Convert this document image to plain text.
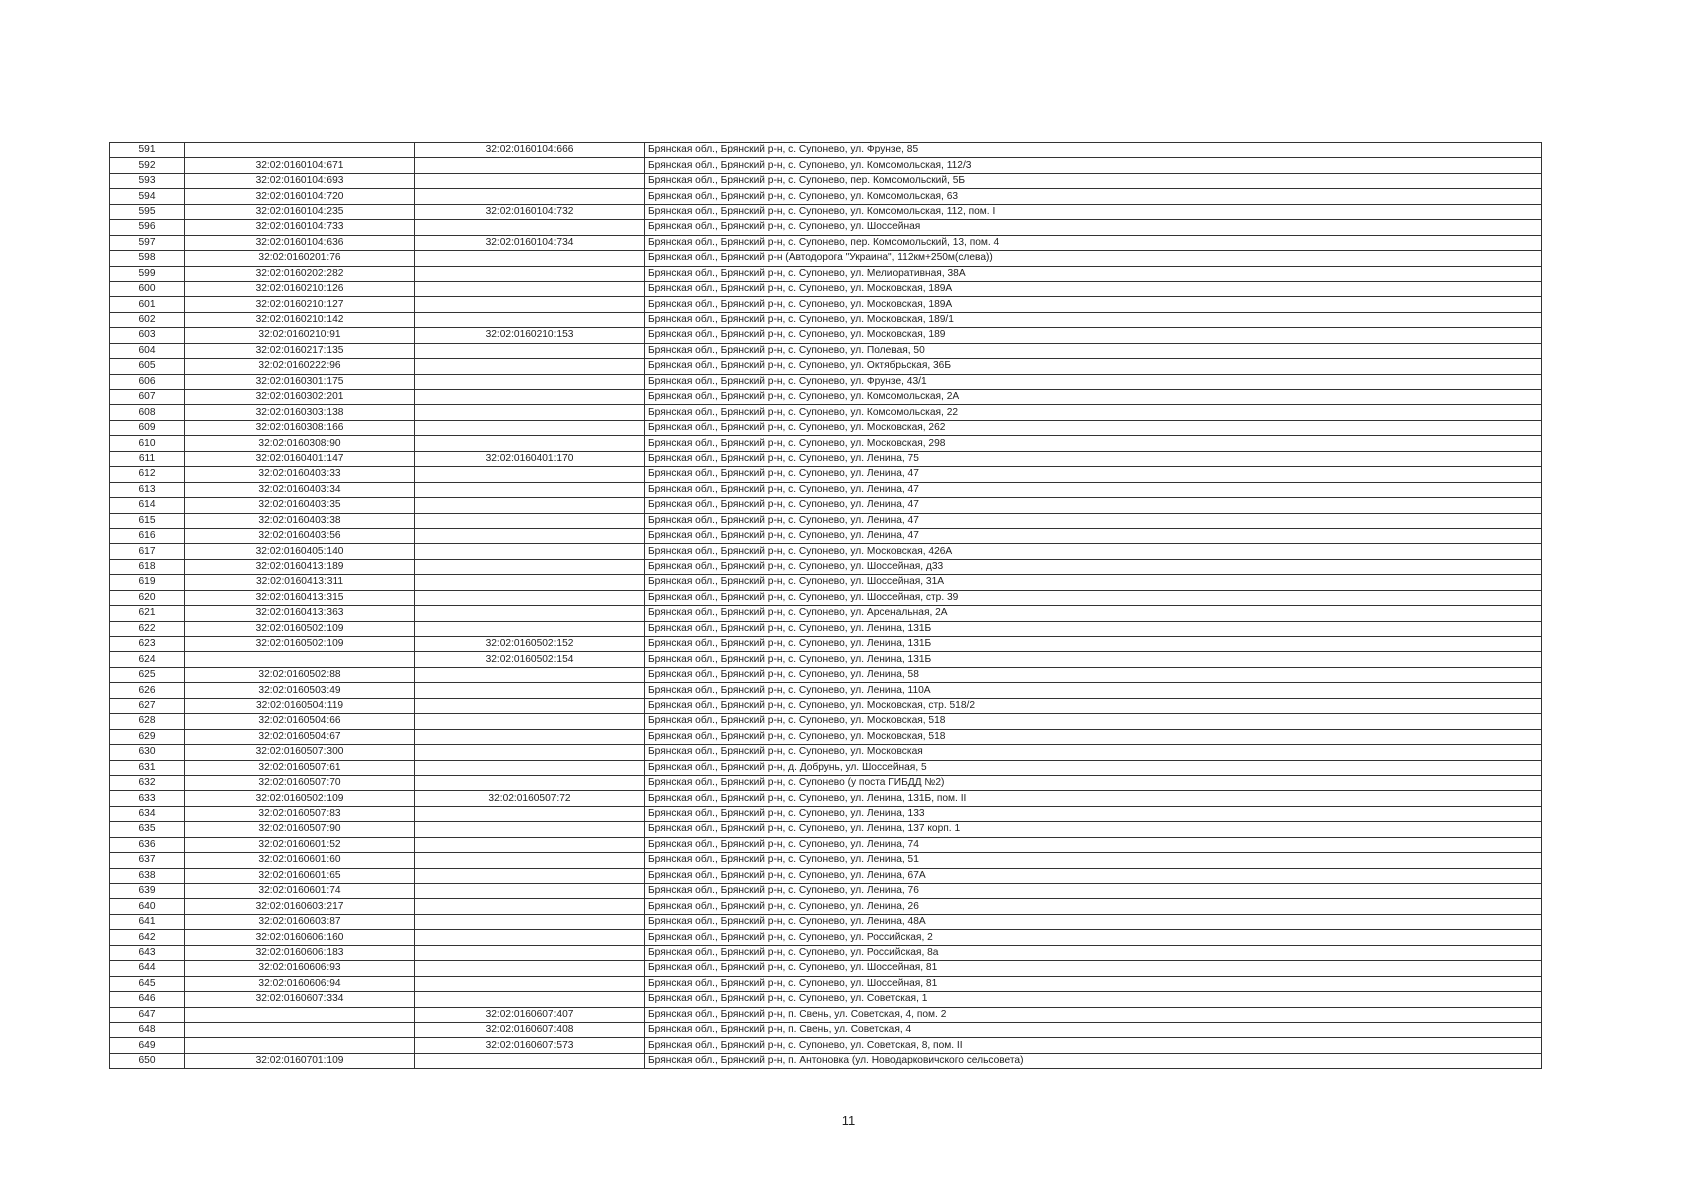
591		32:02:0160104:666	Брянская обл., Брянский р-н, с. Супонево, ул. Фрунзе, 85
592	32:02:0160104:671		Брянская обл., Брянский р-н, с. Супонево, ул. Комсомольская, 112/3
593	32:02:0160104:693		Брянская обл., Брянский р-н, с. Супонево, пер. Комсомольский, 5Б
594	32:02:0160104:720		Брянская обл., Брянский р-н, с. Супонево, ул. Комсомольская, 63
595	32:02:0160104:235	32:02:0160104:732	Брянская обл., Брянский р-н, с. Супонево, ул. Комсомольская, 112, пом. I
596	32:02:0160104:733		Брянская обл., Брянский р-н, с. Супонево, ул. Шоссейная
597	32:02:0160104:636	32:02:0160104:734	Брянская обл., Брянский р-н, с. Супонево, пер. Комсомольский, 13, пом. 4
598	32:02:0160201:76		Брянская обл., Брянский р-н (Автодорога "Украина", 112км+250м(слева))
599	32:02:0160202:282		Брянская обл., Брянский р-н, с. Супонево, ул. Мелиоративная, 38А
600	32:02:0160210:126		Брянская обл., Брянский р-н, с. Супонево, ул. Московская, 189А
601	32:02:0160210:127		Брянская обл., Брянский р-н, с. Супонево, ул. Московская, 189А
602	32:02:0160210:142		Брянская обл., Брянский р-н, с. Супонево, ул. Московская, 189/1
603	32:02:0160210:91	32:02:0160210:153	Брянская обл., Брянский р-н, с. Супонево, ул. Московская, 189
604	32:02:0160217:135		Брянская обл., Брянский р-н, с. Супонево, ул. Полевая, 50
605	32:02:0160222:96		Брянская обл., Брянский р-н, с. Супонево, ул. Октябрьская, 36Б
606	32:02:0160301:175		Брянская обл., Брянский р-н, с. Супонево, ул. Фрунзе, 43/1
607	32:02:0160302:201		Брянская обл., Брянский р-н, с. Супонево, ул. Комсомольская, 2А
608	32:02:0160303:138		Брянская обл., Брянский р-н, с. Супонево, ул. Комсомольская, 22
609	32:02:0160308:166		Брянская обл., Брянский р-н, с. Супонево, ул. Московская, 262
610	32:02:0160308:90		Брянская обл., Брянский р-н, с. Супонево, ул. Московская, 298
611	32:02:0160401:147	32:02:0160401:170	Брянская обл., Брянский р-н, с. Супонево, ул. Ленина, 75
612	32:02:0160403:33		Брянская обл., Брянский р-н, с. Супонево, ул. Ленина, 47
613	32:02:0160403:34		Брянская обл., Брянский р-н, с. Супонево, ул. Ленина, 47
614	32:02:0160403:35		Брянская обл., Брянский р-н, с. Супонево, ул. Ленина, 47
615	32:02:0160403:38		Брянская обл., Брянский р-н, с. Супонево, ул. Ленина, 47
616	32:02:0160403:56		Брянская обл., Брянский р-н, с. Супонево, ул. Ленина, 47
617	32:02:0160405:140		Брянская обл., Брянский р-н, с. Супонево, ул. Московская, 426А
618	32:02:0160413:189		Брянская обл., Брянский р-н, с. Супонево, ул. Шоссейная, д33
619	32:02:0160413:311		Брянская обл., Брянский р-н, с. Супонево, ул. Шоссейная, 31А
620	32:02:0160413:315		Брянская обл., Брянский р-н, с. Супонево, ул. Шоссейная, стр. 39
621	32:02:0160413:363		Брянская обл., Брянский р-н, с. Супонево, ул. Арсенальная, 2А
622	32:02:0160502:109		Брянская обл., Брянский р-н, с. Супонево, ул. Ленина, 131Б
623	32:02:0160502:109	32:02:0160502:152	Брянская обл., Брянский р-н, с. Супонево, ул. Ленина, 131Б
624		32:02:0160502:154	Брянская обл., Брянский р-н, с. Супонево, ул. Ленина, 131Б
625	32:02:0160502:88		Брянская обл., Брянский р-н, с. Супонево, ул. Ленина, 58
626	32:02:0160503:49		Брянская обл., Брянский р-н, с. Супонево, ул. Ленина, 110А
627	32:02:0160504:119		Брянская обл., Брянский р-н, с. Супонево, ул. Московская, стр. 518/2
628	32:02:0160504:66		Брянская обл., Брянский р-н, с. Супонево, ул. Московская, 518
629	32:02:0160504:67		Брянская обл., Брянский р-н, с. Супонево, ул. Московская, 518
630	32:02:0160507:300		Брянская обл., Брянский р-н, с. Супонево, ул. Московская
631	32:02:0160507:61		Брянская обл., Брянский р-н, д. Добрунь, ул. Шоссейная, 5
632	32:02:0160507:70		Брянская обл., Брянский р-н, с. Супонево (у поста ГИБДД №2)
633	32:02:0160502:109	32:02:0160507:72	Брянская обл., Брянский р-н, с. Супонево, ул. Ленина, 131Б, пом. II
634	32:02:0160507:83		Брянская обл., Брянский р-н, с. Супонево, ул. Ленина, 133
635	32:02:0160507:90		Брянская обл., Брянский р-н, с. Супонево, ул. Ленина, 137 корп. 1
636	32:02:0160601:52		Брянская обл., Брянский р-н, с. Супонево, ул. Ленина, 74
637	32:02:0160601:60		Брянская обл., Брянский р-н, с. Супонево, ул. Ленина, 51
638	32:02:0160601:65		Брянская обл., Брянский р-н, с. Супонево, ул. Ленина, 67А
639	32:02:0160601:74		Брянская обл., Брянский р-н, с. Супонево, ул. Ленина, 76
640	32:02:0160603:217		Брянская обл., Брянский р-н, с. Супонево, ул. Ленина, 26
641	32:02:0160603:87		Брянская обл., Брянский р-н, с. Супонево, ул. Ленина, 48А
642	32:02:0160606:160		Брянская обл., Брянский р-н, с. Супонево, ул. Российская, 2
643	32:02:0160606:183		Брянская обл., Брянский р-н, с. Супонево, ул. Российская, 8а
644	32:02:0160606:93		Брянская обл., Брянский р-н, с. Супонево, ул. Шоссейная, 81
645	32:02:0160606:94		Брянская обл., Брянский р-н, с. Супонево, ул. Шоссейная, 81
646	32:02:0160607:334		Брянская обл., Брянский р-н, с. Супонево, ул. Советская, 1
647		32:02:0160607:407	Брянская обл., Брянский р-н, п. Свень, ул. Советская, 4, пом. 2
648		32:02:0160607:408	Брянская обл., Брянский р-н, п. Свень, ул. Советская, 4
649		32:02:0160607:573	Брянская обл., Брянский р-н, с. Супонево, ул. Советская, 8, пом. II
650	32:02:0160701:109		Брянская обл., Брянский р-н, п. Антоновка (ул. Новодарковичского сельсовета)
11
